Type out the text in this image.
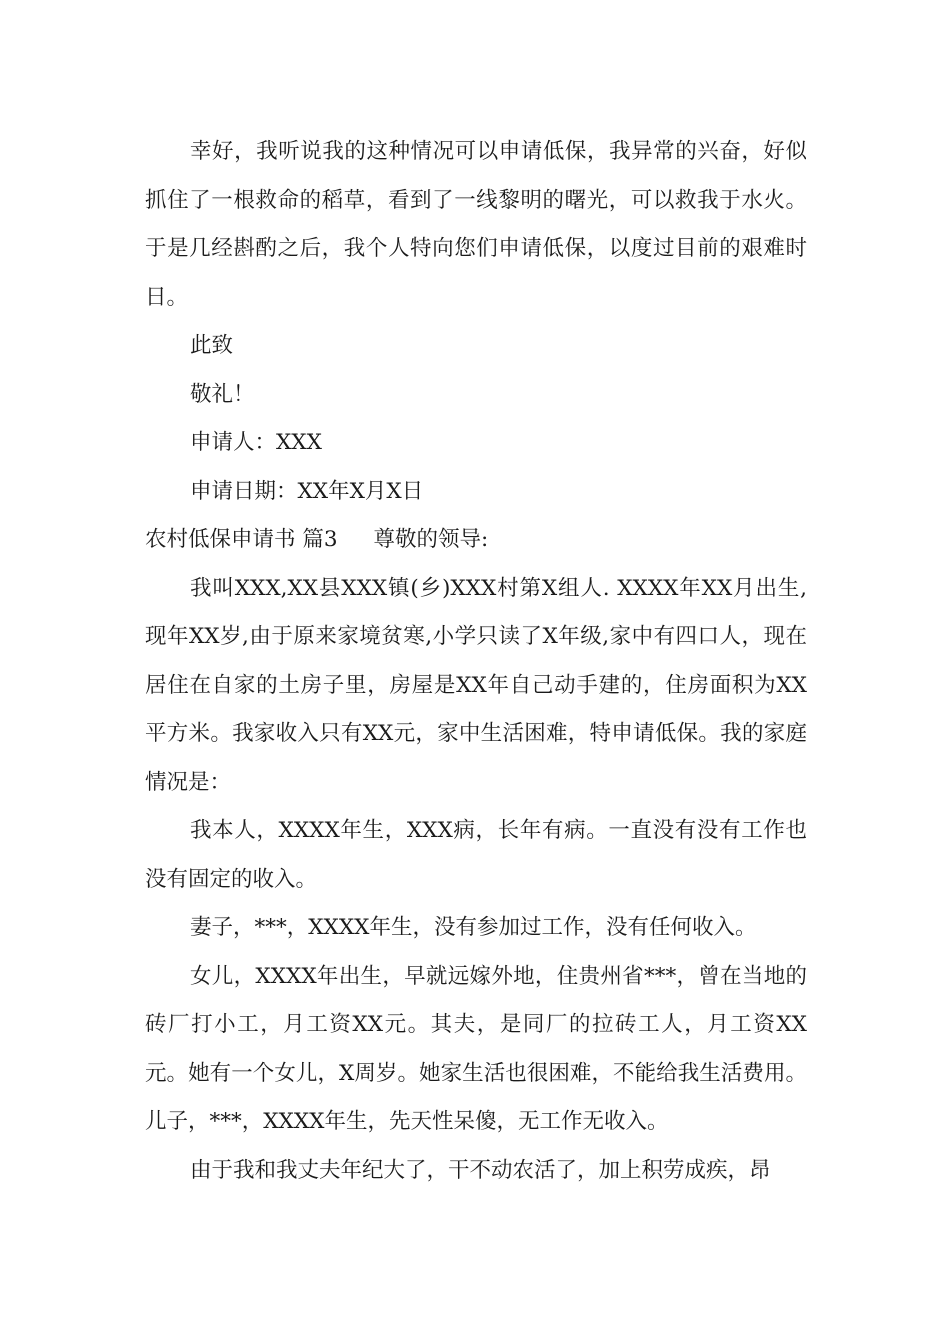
幸好，我听说我的这种情况可以申请低保，我异常的兴奋，好似抓住了一根救命的稻草，看到了一线黎明的曙光，可以救我于水火。于是几经斟酌之后，我个人特向您们申请低保，以度过目前的艰难时日。

此致

敬礼！

申请人：XXX

申请日期：XX年X月X日

农村低保申请书 篇3 尊敬的领导:

我叫XXX,XX县XXX镇(乡)XXX村第X组人. XXXX年XX月出生,现年XX岁,由于原来家境贫寒,小学只读了X年级,家中有四口人，现在居住在自家的土房子里，房屋是XX年自己动手建的，住房面积为XX平方米。我家收入只有XX元，家中生活困难，特申请低保。我的家庭情况是：

我本人，XXXX年生，XXX病，长年有病。一直没有没有工作也没有固定的收入。

妻子，***，XXXX年生，没有参加过工作，没有任何收入。

女儿，XXXX年出生，早就远嫁外地，住贵州省***，曾在当地的砖厂打小工，月工资XX元。其夫，是同厂的拉砖工人，月工资XX元。她有一个女儿，X周岁。她家生活也很困难，不能给我生活费用。 儿子，***，XXXX年生，先天性呆傻，无工作无收入。

由于我和我丈夫年纪大了，干不动农活了，加上积劳成疾，昂
